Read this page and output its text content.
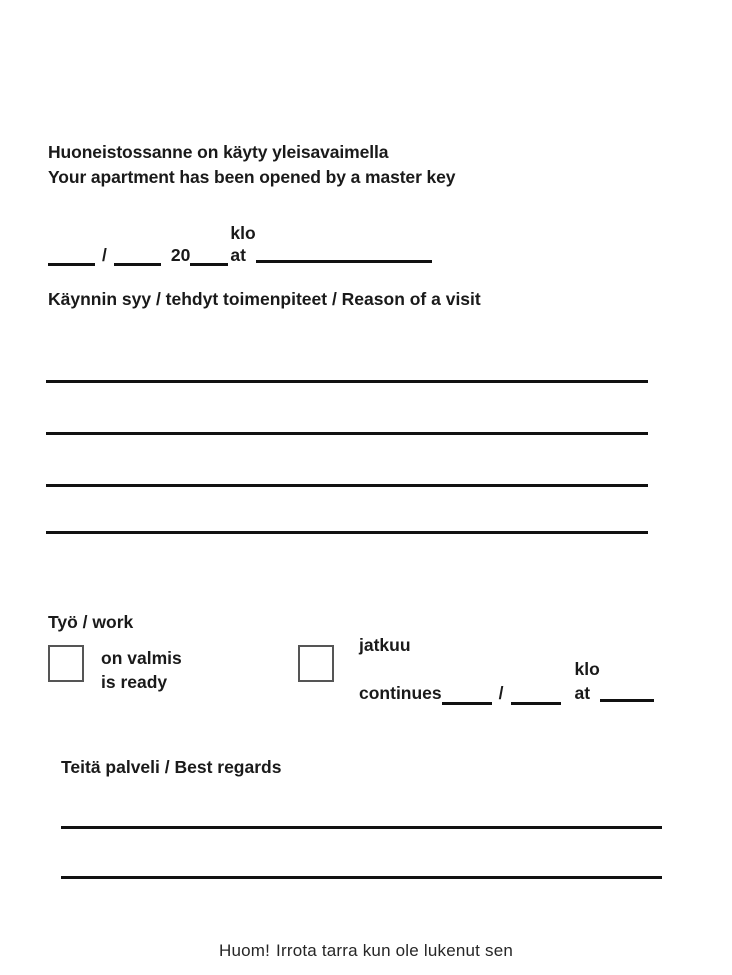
Huoneistossanne on käyty yleisavaimella
Your apartment has been opened by a master key
/	20
klo
at
Käynnin syy / tehdyt toimenpiteet / Reason of a visit
Työ / work
on valmis
is ready
jatkuu
continues	/
klo
at
Teitä palveli / Best regards
Huom! Irrota tarra kun ole lukenut sen
